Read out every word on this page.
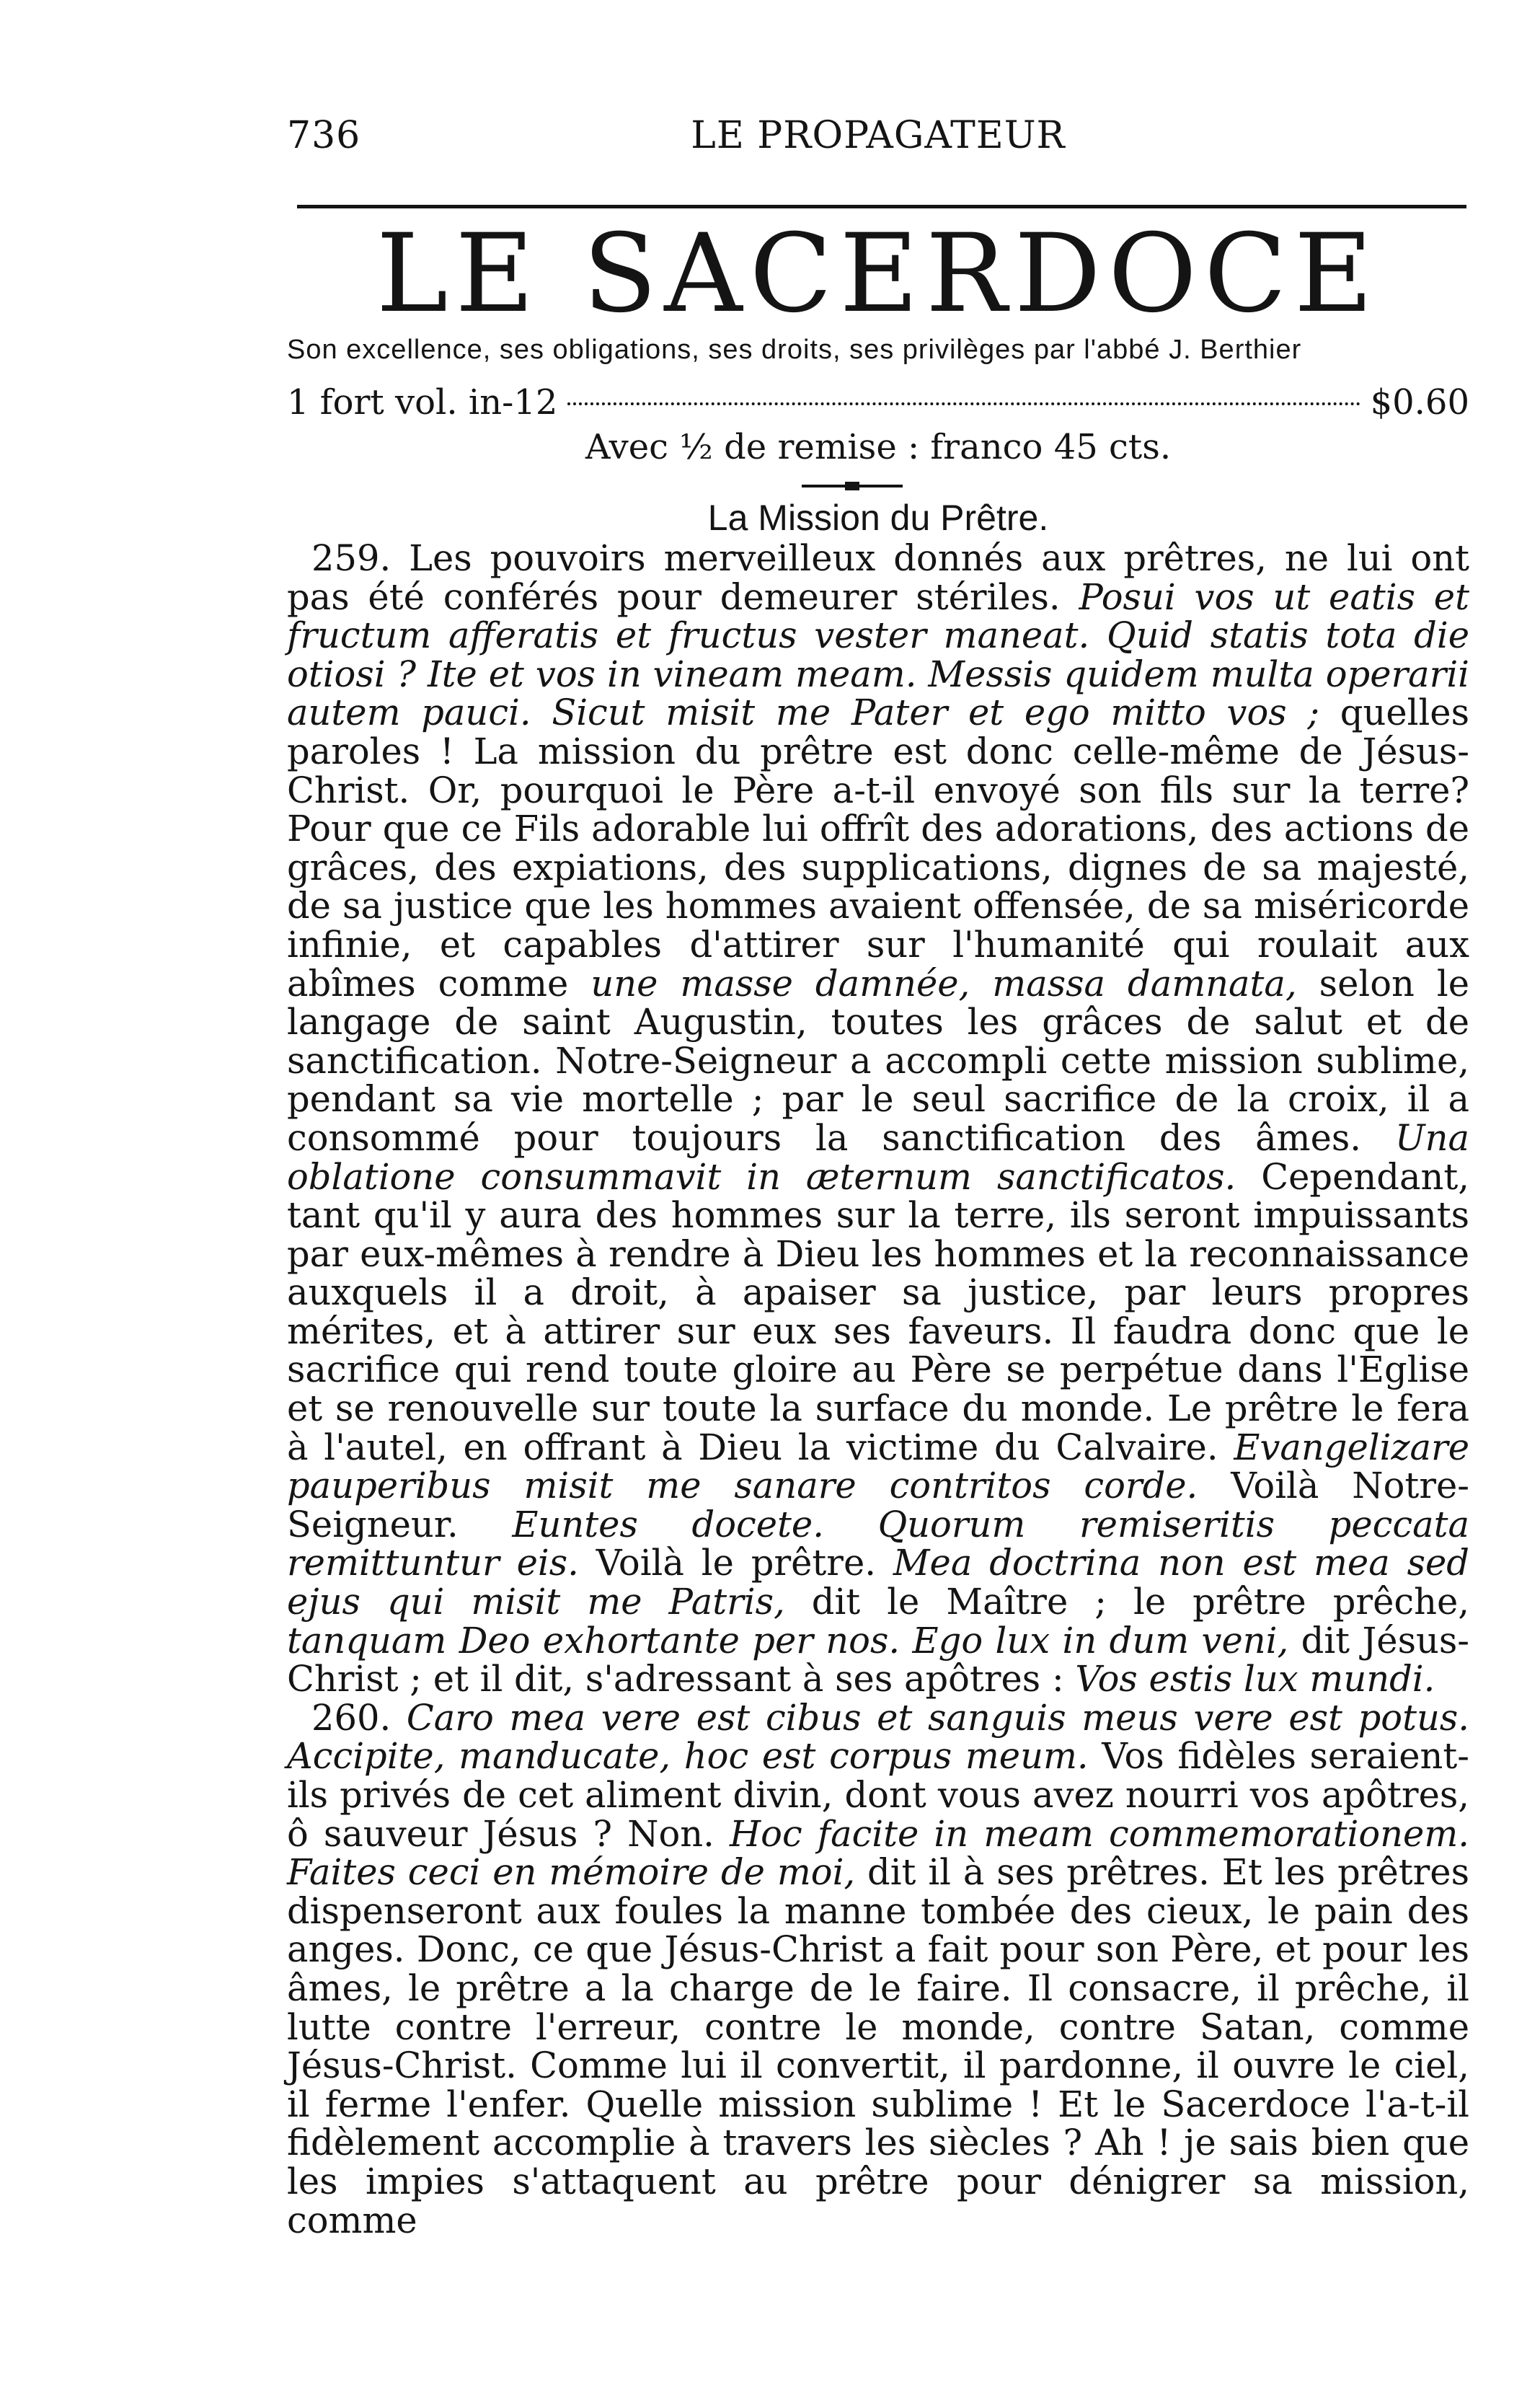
736	LE PROPAGATEUR
LE SACERDOCE
Son excellence, ses obligations, ses droits, ses privilèges par l'abbé J. Berthier
1 fort vol. in-12	$0.60
Avec ½ de remise : franco 45 cts.
La Mission du Prêtre.

259. Les pouvoirs merveilleux donnés aux prêtres, ne lui ont pas été conférés pour demeurer stériles. Posui vos ut eatis et fructum afferatis et fructus vester maneat. Quid statis tota die otiosi ? Ite et vos in vineam meam. Messis quidem multa operarii autem pauci. Sicut misit me Pater et ego mitto vos ; quelles paroles ! La mission du prêtre est donc celle-même de Jésus-Christ. Or, pourquoi le Père a-t-il envoyé son fils sur la terre? Pour que ce Fils adorable lui offrît des adorations, des actions de grâces, des expiations, des supplications, dignes de sa majesté, de sa justice que les hommes avaient offensée, de sa miséricorde infinie, et capables d'attirer sur l'humanité qui roulait aux abîmes comme une masse damnée, massa damnata, selon le langage de saint Augustin, toutes les grâces de salut et de sanctification. Notre-Seigneur a accompli cette mission sublime, pendant sa vie mortelle ; par le seul sacrifice de la croix, il a consommé pour toujours la sanctification des âmes. Una oblatione consummavit in æternum sanctificatos. Cependant, tant qu'il y aura des hommes sur la terre, ils seront impuissants par eux-mêmes à rendre à Dieu les hommes et la reconnaissance auxquels il a droit, à apaiser sa justice, par leurs propres mérites, et à attirer sur eux ses faveurs. Il faudra donc que le sacrifice qui rend toute gloire au Père se perpétue dans l'Eglise et se renouvelle sur toute la surface du monde. Le prêtre le fera à l'autel, en offrant à Dieu la victime du Calvaire. Evangelizare pauperibus misit me sanare contritos corde. Voilà Notre-Seigneur. Euntes docete. Quorum remiseritis peccata remittuntur eis. Voilà le prêtre. Mea doctrina non est mea sed ejus qui misit me Patris, dit le Maître ; le prêtre prêche, tanquam Deo exhortante per nos. Ego lux in dum veni, dit Jésus-Christ ; et il dit, s'adressant à ses apôtres : Vos estis lux mundi.

260. Caro mea vere est cibus et sanguis meus vere est potus. Accipite, manducate, hoc est corpus meum. Vos fidèles seraient-ils privés de cet aliment divin, dont vous avez nourri vos apôtres, ô sauveur Jésus ? Non. Hoc facite in meam commemorationem. Faites ceci en mémoire de moi, dit il à ses prêtres. Et les prêtres dispenseront aux foules la manne tombée des cieux, le pain des anges. Donc, ce que Jésus-Christ a fait pour son Père, et pour les âmes, le prêtre a la charge de le faire. Il consacre, il prêche, il lutte contre l'erreur, contre le monde, contre Satan, comme Jésus-Christ. Comme lui il convertit, il pardonne, il ouvre le ciel, il ferme l'enfer. Quelle mission sublime ! Et le Sacerdoce l'a-t-il fidèlement accomplie à travers les siècles ? Ah ! je sais bien que les impies s'attaquent au prêtre pour dénigrer sa mission, comme
